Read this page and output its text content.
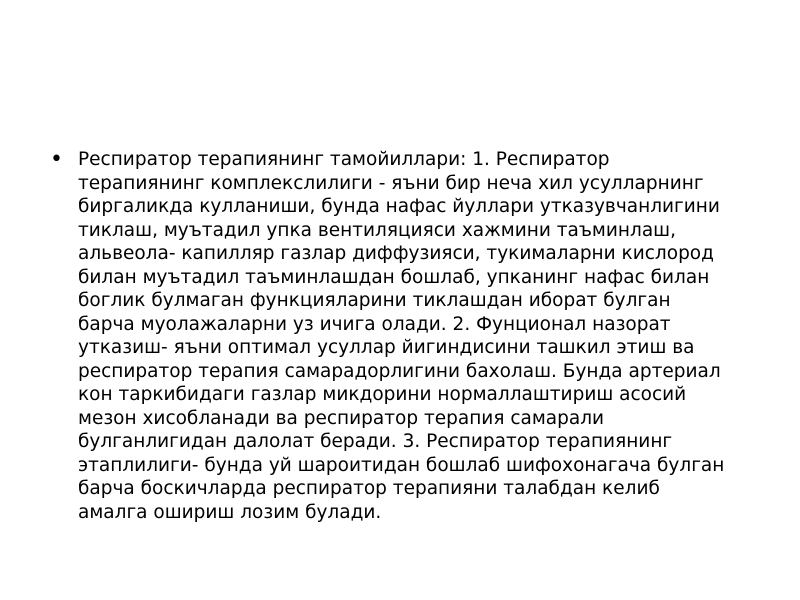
• Респиратор терапиянинг тамойиллари: 1. Респиратор
терапиянинг комплекслилиги - яъни бир неча хил усулларнинг
биргаликда кулланиши, бунда нафас йуллари утказувчанлигини
тиклаш, муътадил упка вентиляцияси хажмини таъминлаш,
альвеола- капилляр газлар диффузияси, тукималарни кислород
билан муътадил таъминлашдан бошлаб, упканинг нафас билан
боглик булмаган функцияларини тиклашдан иборат булган
барча муолажаларни уз ичига олади. 2. Фунционал назорат
утказиш- яъни оптимал усуллар йигиндисини ташкил этиш ва
респиратор терапия самарадорлигини бахолаш. Бунда артериал
кон таркибидаги газлар микдорини нормаллаштириш асосий
мезон хисобланади ва респиратор терапия самарали
булганлигидан далолат беради. 3. Респиратор терапиянинг
этаплилиги- бунда уй шароитидан бошлаб шифохонагача булган
барча боскичларда респиратор терапияни талабдан келиб
амалга ошириш лозим булади.
